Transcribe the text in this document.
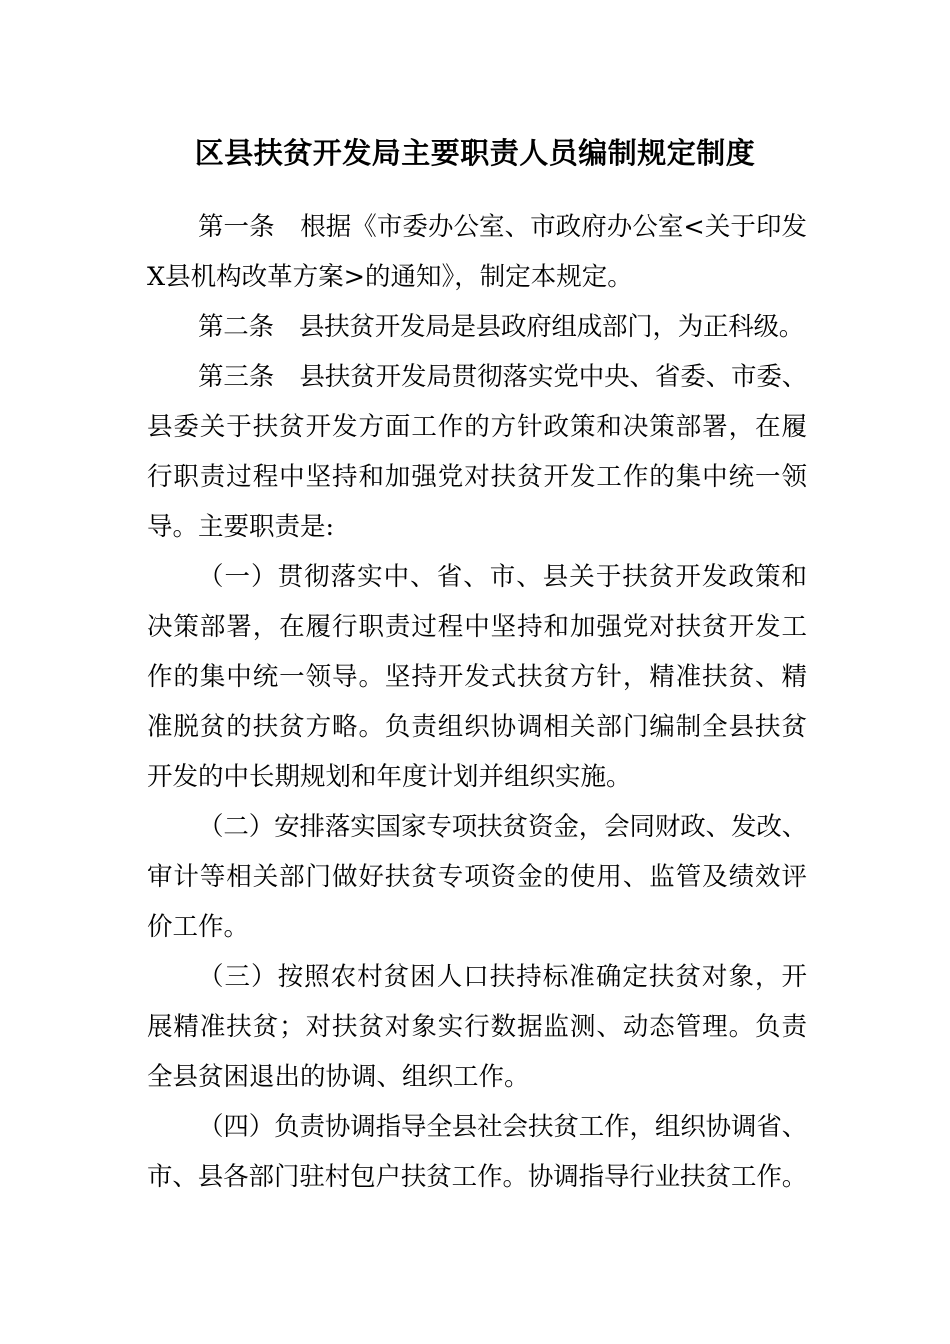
区县扶贫开发局主要职责人员编制规定制度
第一条　根据《市委办公室、市政府办公室<关于印发
X县机构改革方案>的通知》，制定本规定。
第二条　县扶贫开发局是县政府组成部门，为正科级。
第三条　县扶贫开发局贯彻落实党中央、省委、市委、
县委关于扶贫开发方面工作的方针政策和决策部署，在履
行职责过程中坚持和加强党对扶贫开发工作的集中统一领
导。主要职责是:
（一）贯彻落实中、省、市、县关于扶贫开发政策和
决策部署，在履行职责过程中坚持和加强党对扶贫开发工
作的集中统一领导。坚持开发式扶贫方针，精准扶贫、精
准脱贫的扶贫方略。负责组织协调相关部门编制全县扶贫
开发的中长期规划和年度计划并组织实施。
（二）安排落实国家专项扶贫资金，会同财政、发改、
审计等相关部门做好扶贫专项资金的使用、监管及绩效评
价工作。
（三）按照农村贫困人口扶持标准确定扶贫对象，开
展精准扶贫；对扶贫对象实行数据监测、动态管理。负责
全县贫困退出的协调、组织工作。
（四）负责协调指导全县社会扶贫工作，组织协调省、
市、县各部门驻村包户扶贫工作。协调指导行业扶贫工作。
